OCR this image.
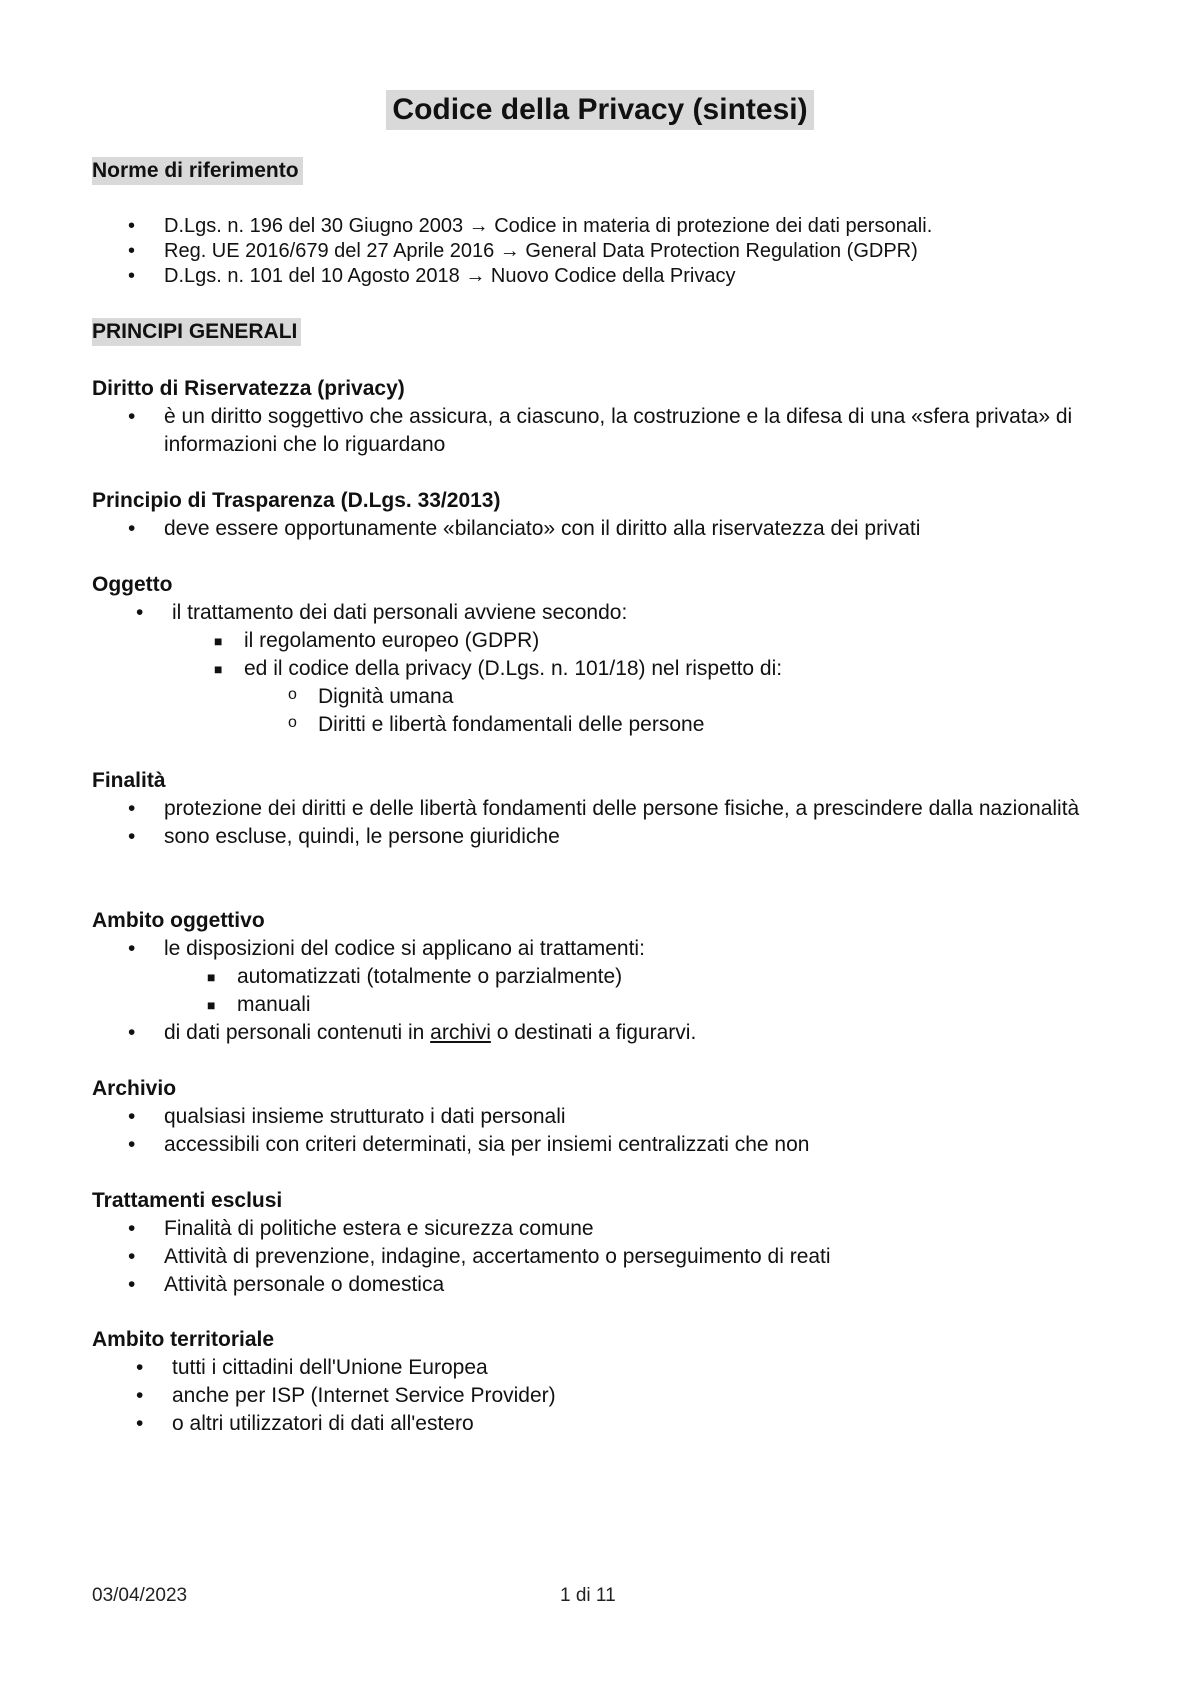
Codice della Privacy (sintesi)
Norme di riferimento
• D.Lgs. n. 196 del 30 Giugno 2003 → Codice in materia di protezione dei dati personali.
• Reg. UE 2016/679 del 27 Aprile 2016 → General Data Protection Regulation (GDPR)
• D.Lgs. n. 101 del 10 Agosto 2018 → Nuovo Codice della Privacy
PRINCIPI GENERALI
Diritto di Riservatezza (privacy)
• è un diritto soggettivo che assicura, a ciascuno, la costruzione e la difesa di una «sfera privata» di informazioni che lo riguardano
Principio di Trasparenza (D.Lgs. 33/2013)
• deve essere opportunamente «bilanciato» con il diritto alla riservatezza dei privati
Oggetto
• il trattamento dei dati personali avviene secondo:
■ il regolamento europeo (GDPR)
■ ed il codice della privacy (D.Lgs. n. 101/18) nel rispetto di:
o Dignità umana
o Diritti e libertà fondamentali delle persone
Finalità
• protezione dei diritti e delle libertà fondamenti delle persone fisiche, a prescindere dalla nazionalità
• sono escluse, quindi, le persone giuridiche
Ambito oggettivo
• le disposizioni del codice si applicano ai trattamenti:
■ automatizzati (totalmente o parzialmente)
■ manuali
• di dati personali contenuti in archivi o destinati a figurarvi.
Archivio
• qualsiasi insieme strutturato i dati personali
• accessibili con criteri determinati, sia per insiemi centralizzati che non
Trattamenti esclusi
• Finalità di politiche estera e sicurezza comune
• Attività di prevenzione, indagine, accertamento o perseguimento di reati
• Attività personale o domestica
Ambito territoriale
• tutti i cittadini dell'Unione Europea
• anche per ISP (Internet Service Provider)
• o altri utilizzatori di dati all'estero
03/04/2023	1 di 11
